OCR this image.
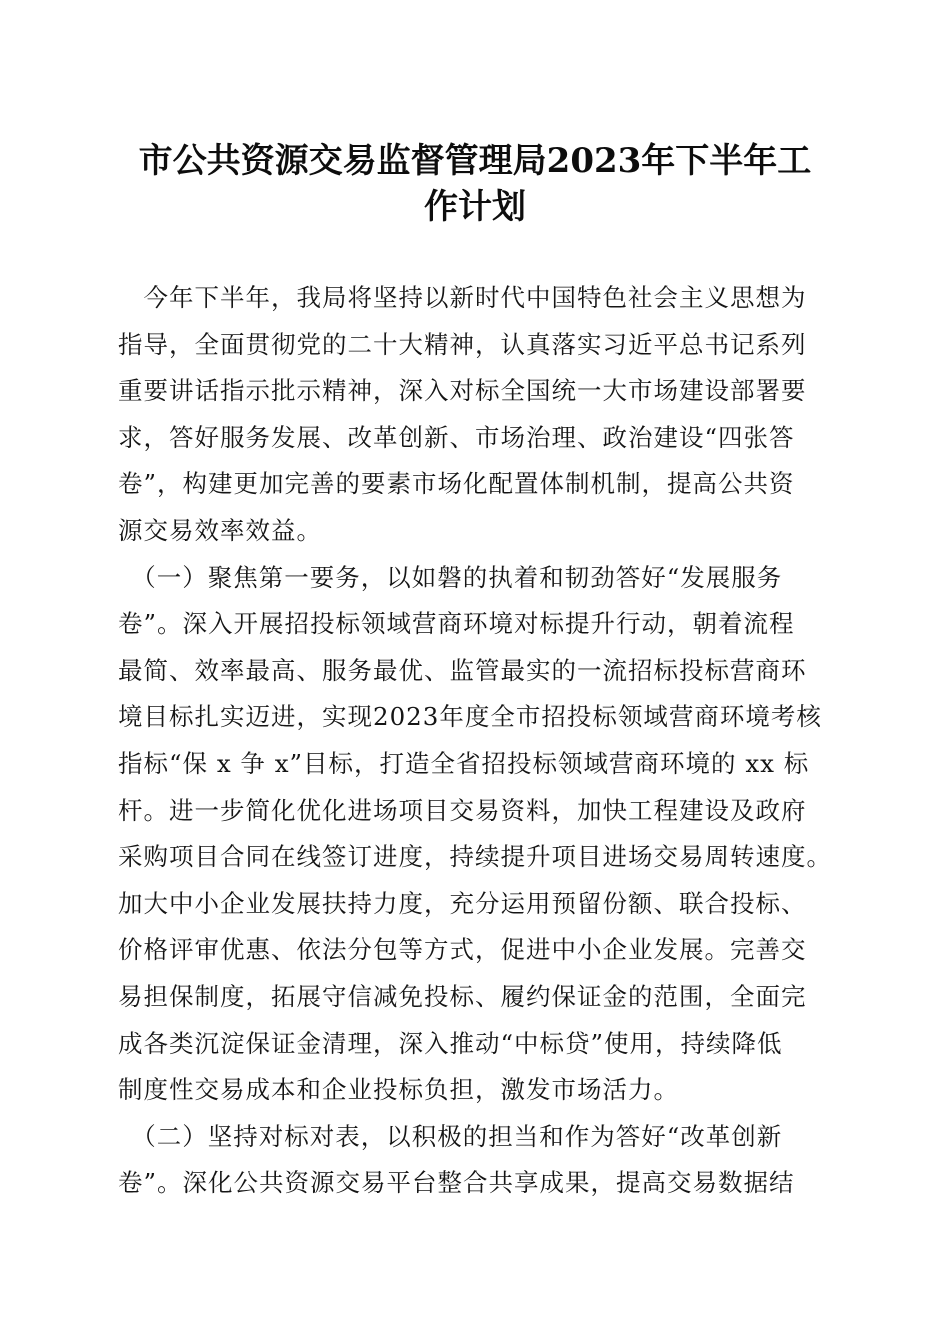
市公共资源交易监督管理局2023年下半年工
作计划
　今年下半年，我局将坚持以新时代中国特色社会主义思想为
指导，全面贯彻党的二十大精神，认真落实习近平总书记系列
重要讲话指示批示精神，深入对标全国统一大市场建设部署要
求，答好服务发展、改革创新、市场治理、政治建设“四张答
卷”，构建更加完善的要素市场化配置体制机制，提高公共资
源交易效率效益。
　（一）聚焦第一要务，以如磐的执着和韧劲答好“发展服务
卷”。深入开展招投标领域营商环境对标提升行动，朝着流程
最简、效率最高、服务最优、监管最实的一流招标投标营商环
境目标扎实迈进，实现2023年度全市招投标领域营商环境考核
指标“保 x 争 x”目标，打造全省招投标领域营商环境的 xx 标
杆。进一步简化优化进场项目交易资料，加快工程建设及政府
采购项目合同在线签订进度，持续提升项目进场交易周转速度。
加大中小企业发展扶持力度，充分运用预留份额、联合投标、
价格评审优惠、依法分包等方式，促进中小企业发展。完善交
易担保制度，拓展守信减免投标、履约保证金的范围，全面完
成各类沉淀保证金清理，深入推动“中标贷”使用，持续降低
制度性交易成本和企业投标负担，激发市场活力。
　（二）坚持对标对表，以积极的担当和作为答好“改革创新
卷”。深化公共资源交易平台整合共享成果，提高交易数据结
